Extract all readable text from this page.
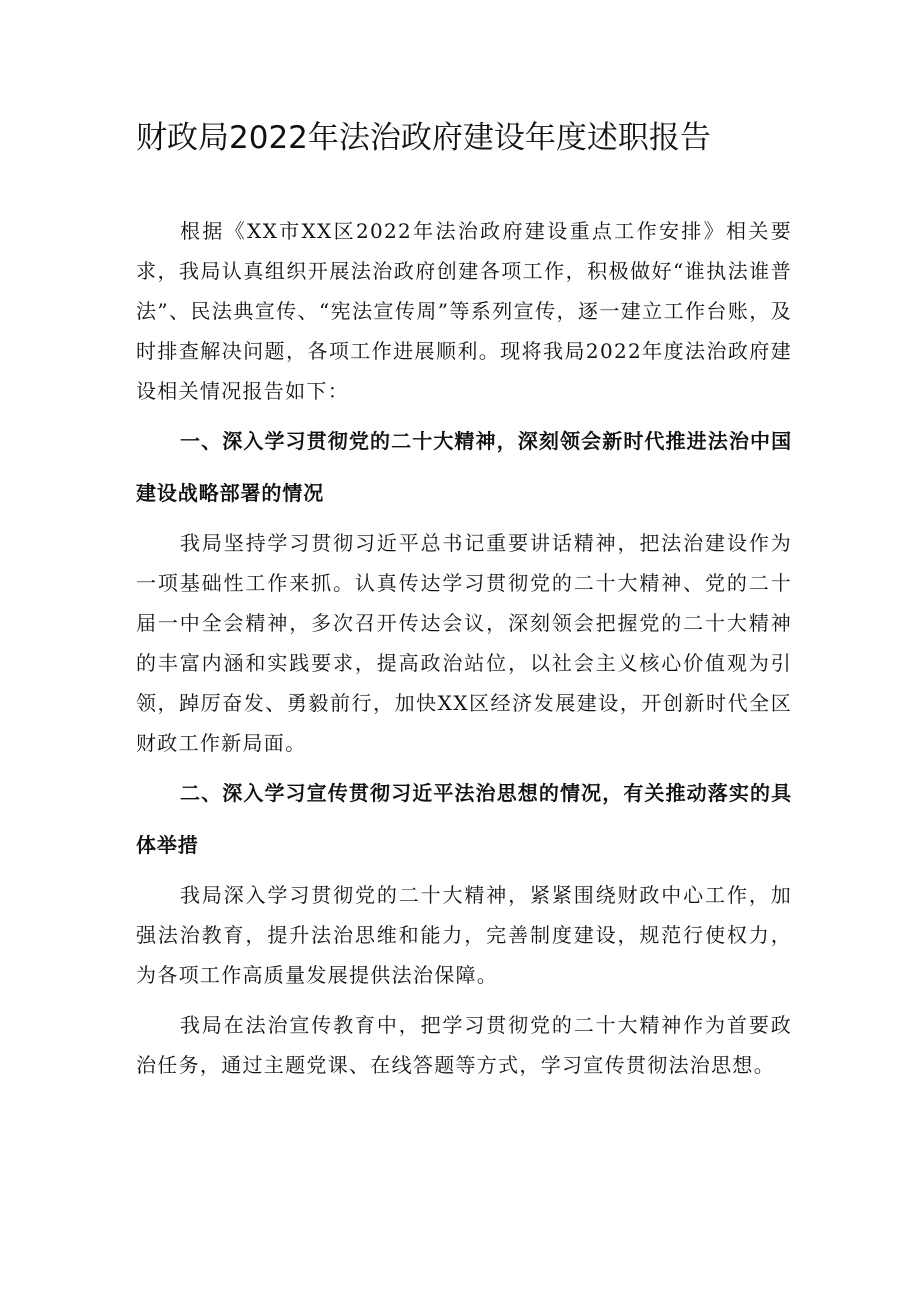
财政局2022年法治政府建设年度述职报告

根据《XX市XX区2022年法治政府建设重点工作安排》相关要求，我局认真组织开展法治政府创建各项工作，积极做好“谁执法谁普法”、民法典宣传、“宪法宣传周”等系列宣传，逐一建立工作台账，及时排查解决问题，各项工作进展顺利。现将我局2022年度法治政府建设相关情况报告如下：

一、深入学习贯彻党的二十大精神，深刻领会新时代推进法治中国建设战略部署的情况

我局坚持学习贯彻习近平总书记重要讲话精神，把法治建设作为一项基础性工作来抓。认真传达学习贯彻党的二十大精神、党的二十届一中全会精神，多次召开传达会议，深刻领会把握党的二十大精神的丰富内涵和实践要求，提高政治站位，以社会主义核心价值观为引领，踔厉奋发、勇毅前行，加快XX区经济发展建设，开创新时代全区财政工作新局面。

二、深入学习宣传贯彻习近平法治思想的情况，有关推动落实的具体举措

我局深入学习贯彻党的二十大精神，紧紧围绕财政中心工作，加强法治教育，提升法治思维和能力，完善制度建设，规范行使权力，为各项工作高质量发展提供法治保障。

我局在法治宣传教育中，把学习贯彻党的二十大精神作为首要政治任务，通过主题党课、在线答题等方式，学习宣传贯彻法治思想。
